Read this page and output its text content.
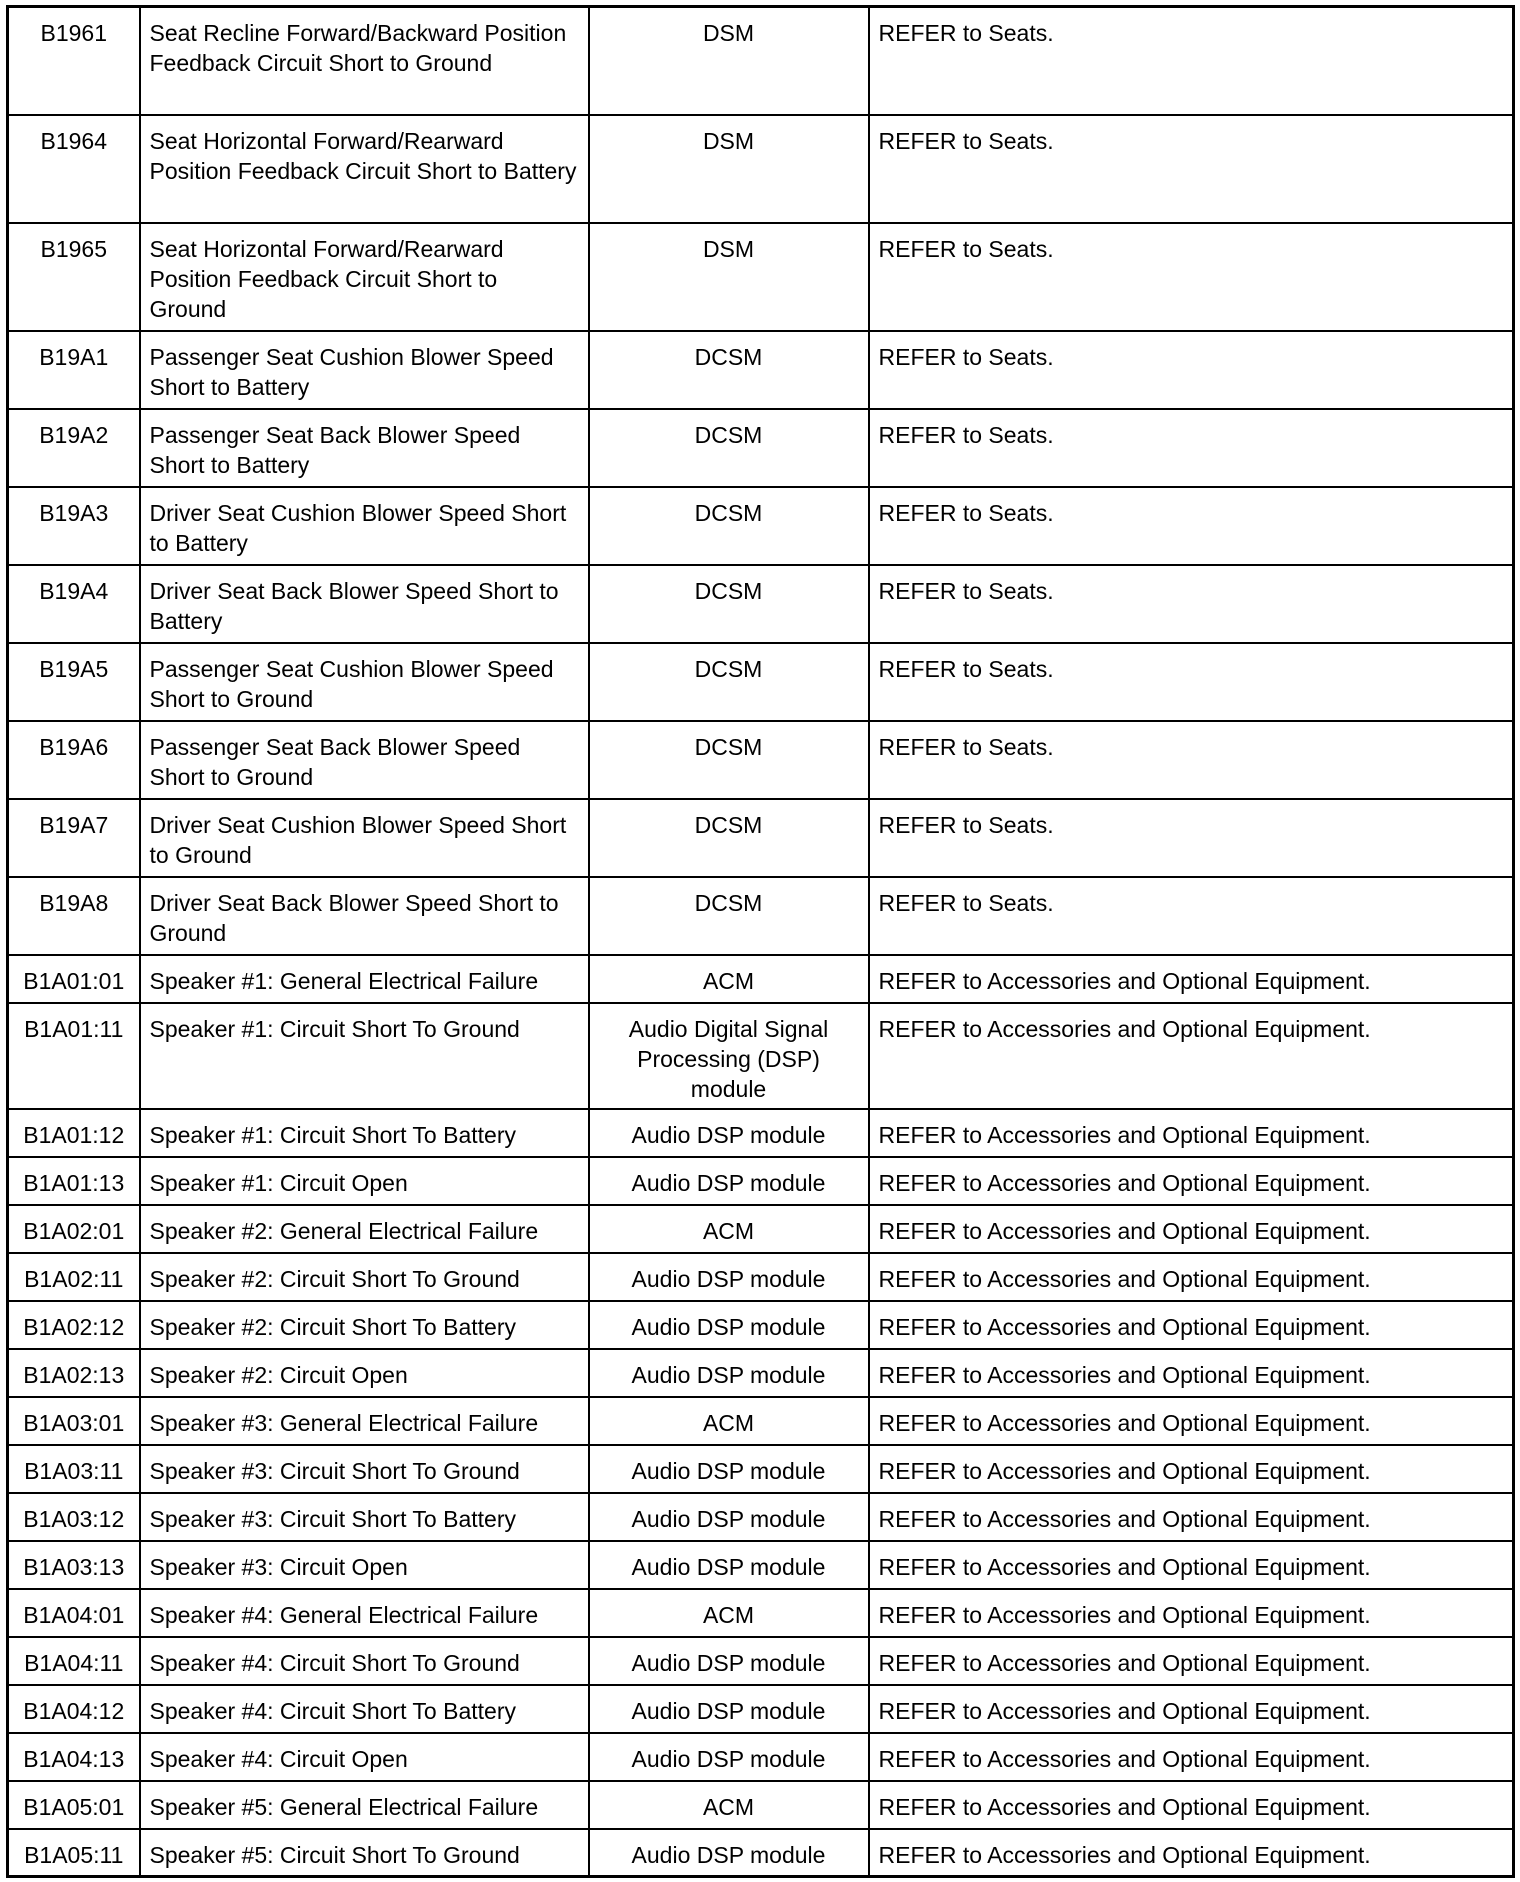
B1961	Seat Recline Forward/Backward Position Feedback Circuit Short to Ground	DSM	REFER to Seats.
B1964	Seat Horizontal Forward/Rearward Position Feedback Circuit Short to Battery	DSM	REFER to Seats.
B1965	Seat Horizontal Forward/Rearward Position Feedback Circuit Short to Ground	DSM	REFER to Seats.
B19A1	Passenger Seat Cushion Blower Speed Short to Battery	DCSM	REFER to Seats.
B19A2	Passenger Seat Back Blower Speed Short to Battery	DCSM	REFER to Seats.
B19A3	Driver Seat Cushion Blower Speed Short to Battery	DCSM	REFER to Seats.
B19A4	Driver Seat Back Blower Speed Short to Battery	DCSM	REFER to Seats.
B19A5	Passenger Seat Cushion Blower Speed Short to Ground	DCSM	REFER to Seats.
B19A6	Passenger Seat Back Blower Speed Short to Ground	DCSM	REFER to Seats.
B19A7	Driver Seat Cushion Blower Speed Short to Ground	DCSM	REFER to Seats.
B19A8	Driver Seat Back Blower Speed Short to Ground	DCSM	REFER to Seats.
B1A01:01	Speaker #1: General Electrical Failure	ACM	REFER to Accessories and Optional Equipment.
B1A01:11	Speaker #1: Circuit Short To Ground	Audio Digital Signal Processing (DSP) module	REFER to Accessories and Optional Equipment.
B1A01:12	Speaker #1: Circuit Short To Battery	Audio DSP module	REFER to Accessories and Optional Equipment.
B1A01:13	Speaker #1: Circuit Open	Audio DSP module	REFER to Accessories and Optional Equipment.
B1A02:01	Speaker #2: General Electrical Failure	ACM	REFER to Accessories and Optional Equipment.
B1A02:11	Speaker #2: Circuit Short To Ground	Audio DSP module	REFER to Accessories and Optional Equipment.
B1A02:12	Speaker #2: Circuit Short To Battery	Audio DSP module	REFER to Accessories and Optional Equipment.
B1A02:13	Speaker #2: Circuit Open	Audio DSP module	REFER to Accessories and Optional Equipment.
B1A03:01	Speaker #3: General Electrical Failure	ACM	REFER to Accessories and Optional Equipment.
B1A03:11	Speaker #3: Circuit Short To Ground	Audio DSP module	REFER to Accessories and Optional Equipment.
B1A03:12	Speaker #3: Circuit Short To Battery	Audio DSP module	REFER to Accessories and Optional Equipment.
B1A03:13	Speaker #3: Circuit Open	Audio DSP module	REFER to Accessories and Optional Equipment.
B1A04:01	Speaker #4: General Electrical Failure	ACM	REFER to Accessories and Optional Equipment.
B1A04:11	Speaker #4: Circuit Short To Ground	Audio DSP module	REFER to Accessories and Optional Equipment.
B1A04:12	Speaker #4: Circuit Short To Battery	Audio DSP module	REFER to Accessories and Optional Equipment.
B1A04:13	Speaker #4: Circuit Open	Audio DSP module	REFER to Accessories and Optional Equipment.
B1A05:01	Speaker #5: General Electrical Failure	ACM	REFER to Accessories and Optional Equipment.
B1A05:11	Speaker #5: Circuit Short To Ground	Audio DSP module	REFER to Accessories and Optional Equipment.
